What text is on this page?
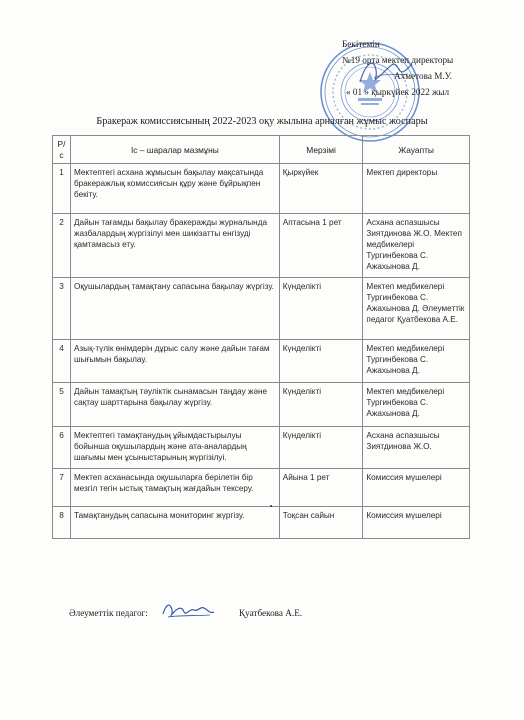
Бекітемін
№19 орта мектеп директоры
Ахметова М.У.
« 01 » қыркүйек 2022 жыл
Бракераж комиссиясының 2022-2023 оқу жылына арналған жұмыс жоспары
Р/с	Іс – шаралар мазмұны	Мерзімі	Жауапты
1	Мектептегі асхана жұмысын бақылау мақсатында бракеражлық комиссиясын құру және бұйрықпен бекіту.	Қыркүйек	Мектеп директоры
2	Дайын тағамды бақылау бракеражды журналында жазбалардың жүргізілуі мен шикізатты енгізуді қамтамасыз ету.	Аптасына 1 рет	Асхана аспазшысы Зиятдинова Ж.О. Мектеп медбикелері Тургинбекова С. Ажахынова Д.
3	Оқушылардың тамақтану сапасына бақылау жүргізу.	Күнделікті	Мектеп медбикелері Тургинбекова С. Ажахынова Д. Әлеуметтік педагог Қуатбекова А.Е.
4	Азық-түлік өнімдерін дұрыс салу және дайын тағам шығымын бақылау.	Күнделікті	Мектеп медбикелері Тургинбекова С. Ажахынова Д.
5	Дайын тамақтың тәуліктік сынамасын таңдау және сақтау шарттарына бақылау жүргізу.	Күнделікті	Мектеп медбикелері Тургинбекова С. Ажахынова Д.
6	Мектептегі тамақтанудың ұйымдастырылуы бойынша оқушылардың және ата-аналардың шағымы мен ұсыныстарының жүргізілуі.	Күнделікті	Асхана аспазшысы Зиятдинова Ж.О.
7	Мектеп асханасында оқушыларға берілетін бір мезгіл тегін ыстық тамақтың жағдайын тексеру.	Айына 1 рет	Комиссия мүшелері
8	Тамақтанудың сапасына мониторинг жүргізу.	Тоқсан сайын	Комиссия мүшелері
Әлеуметтік педагог:	Қуатбекова А.Е.
